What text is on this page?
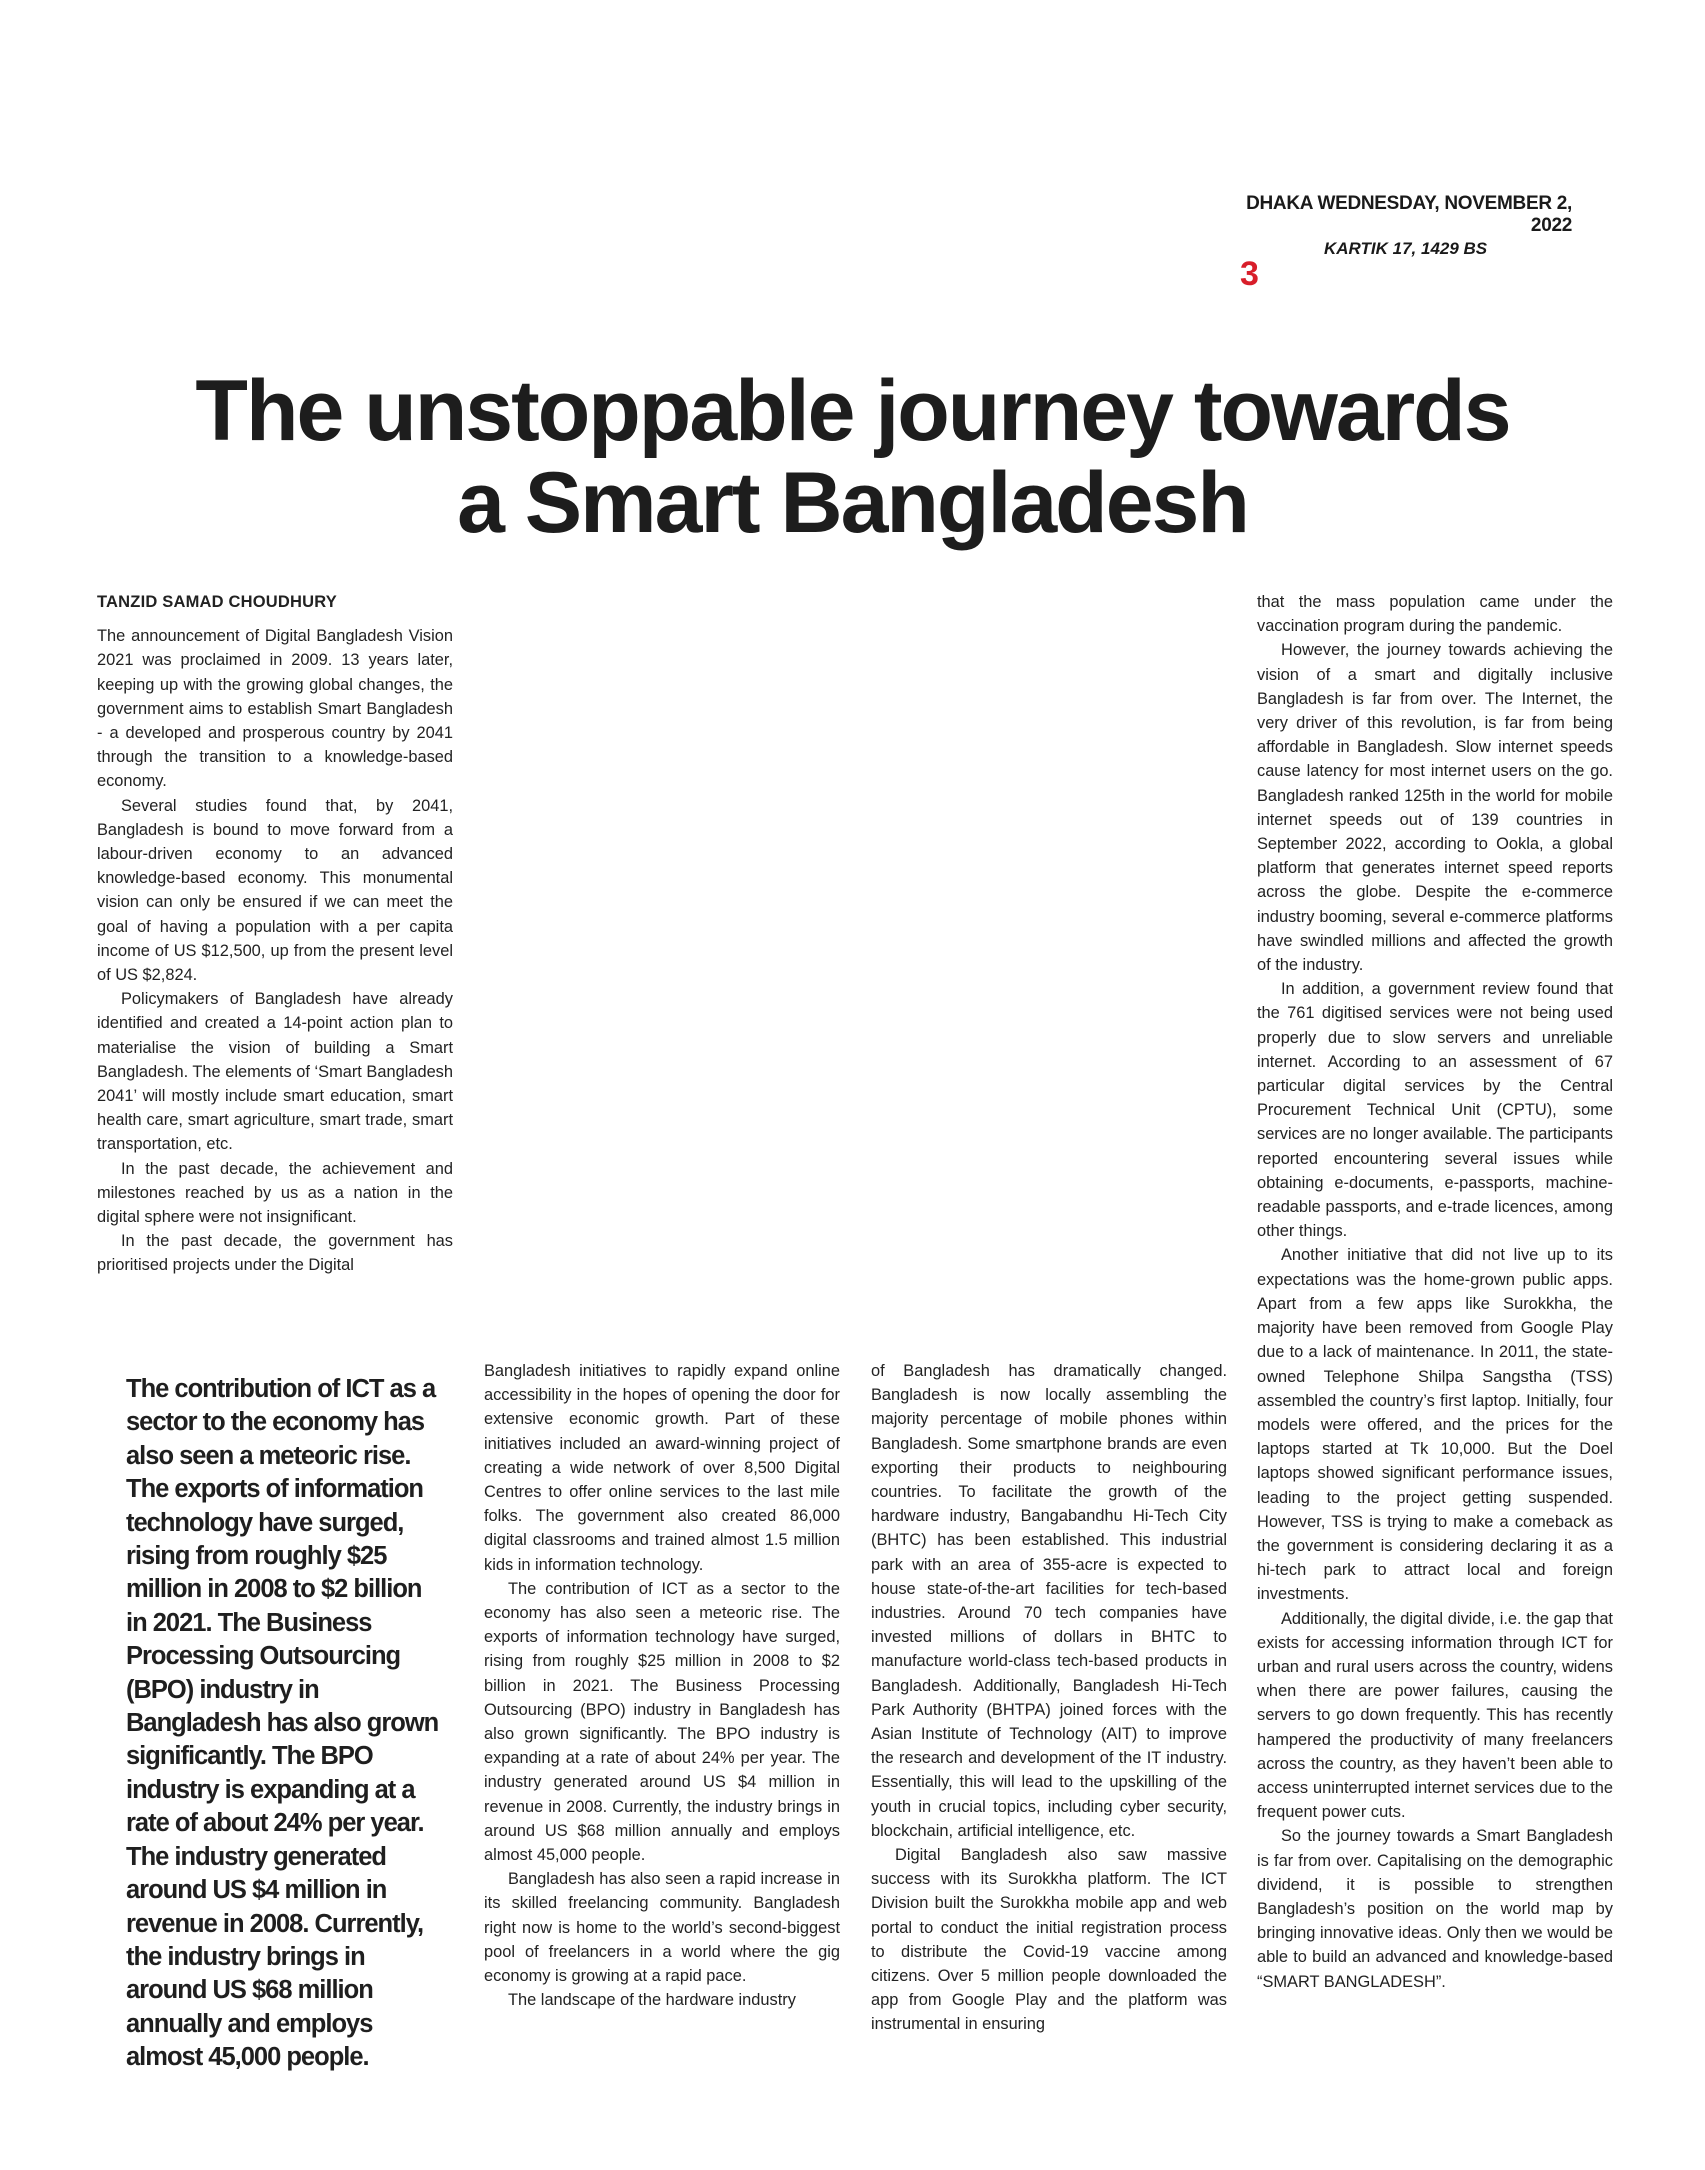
DHAKA WEDNESDAY, NOVEMBER 2, 2022
KARTIK 17, 1429 BS
3
The unstoppable journey towards
a Smart Bangladesh
TANZID SAMAD CHOUDHURY

The announcement of Digital Bangladesh Vision 2021 was proclaimed in 2009. 13 years later, keeping up with the growing global changes, the government aims to establish Smart Bangladesh - a developed and prosperous country by 2041 through the transition to a knowledge-based economy.

Several studies found that, by 2041, Bangladesh is bound to move forward from a labour-driven economy to an advanced knowledge-based economy. This monumental vision can only be ensured if we can meet the goal of having a population with a per capita income of US $12,500, up from the present level of US $2,824.

Policymakers of Bangladesh have already identified and created a 14-point action plan to materialise the vision of building a Smart Bangladesh. The elements of ‘Smart Bangladesh 2041’ will mostly include smart education, smart health care, smart agriculture, smart trade, smart transportation, etc.

In the past decade, the achievement and milestones reached by us as a nation in the digital sphere were not insignificant.

In the past decade, the government has prioritised projects under the Digital

The contribution of ICT as a sector to the economy has also seen a meteoric rise. The exports of information technology have surged, rising from roughly $25 million in 2008 to $2 billion in 2021. The Business Processing Outsourcing (BPO) industry in Bangladesh has also grown significantly. The BPO industry is expanding at a rate of about 24% per year. The industry generated around US $4 million in revenue in 2008. Currently, the industry brings in around US $68 million annually and employs almost 45,000 people.

Bangladesh initiatives to rapidly expand online accessibility in the hopes of opening the door for extensive economic growth. Part of these initiatives included an award-winning project of creating a wide network of over 8,500 Digital Centres to offer online services to the last mile folks. The government also created 86,000 digital classrooms and trained almost 1.5 million kids in information technology.

The contribution of ICT as a sector to the economy has also seen a meteoric rise. The exports of information technology have surged, rising from roughly $25 million in 2008 to $2 billion in 2021. The Business Processing Outsourcing (BPO) industry in Bangladesh has also grown significantly. The BPO industry is expanding at a rate of about 24% per year. The industry generated around US $4 million in revenue in 2008. Currently, the industry brings in around US $68 million annually and employs almost 45,000 people.

Bangladesh has also seen a rapid increase in its skilled freelancing community. Bangladesh right now is home to the world’s second-biggest pool of freelancers in a world where the gig economy is growing at a rapid pace.

The landscape of the hardware industry

of Bangladesh has dramatically changed. Bangladesh is now locally assembling the majority percentage of mobile phones within Bangladesh. Some smartphone brands are even exporting their products to neighbouring countries. To facilitate the growth of the hardware industry, Bangabandhu Hi-Tech City (BHTC) has been established. This industrial park with an area of 355-acre is expected to house state-of-the-art facilities for tech-based industries. Around 70 tech companies have invested millions of dollars in BHTC to manufacture world-class tech-based products in Bangladesh. Additionally, Bangladesh Hi-Tech Park Authority (BHTPA) joined forces with the Asian Institute of Technology (AIT) to improve the research and development of the IT industry. Essentially, this will lead to the upskilling of the youth in crucial topics, including cyber security, blockchain, artificial intelligence, etc.

Digital Bangladesh also saw massive success with its Surokkha platform. The ICT Division built the Surokkha mobile app and web portal to conduct the initial registration process to distribute the Covid-19 vaccine among citizens. Over 5 million people downloaded the app from Google Play and the platform was instrumental in ensuring

that the mass population came under the vaccination program during the pandemic.

However, the journey towards achieving the vision of a smart and digitally inclusive Bangladesh is far from over. The Internet, the very driver of this revolution, is far from being affordable in Bangladesh. Slow internet speeds cause latency for most internet users on the go. Bangladesh ranked 125th in the world for mobile internet speeds out of 139 countries in September 2022, according to Ookla, a global platform that generates internet speed reports across the globe. Despite the e-commerce industry booming, several e-commerce platforms have swindled millions and affected the growth of the industry.

In addition, a government review found that the 761 digitised services were not being used properly due to slow servers and unreliable internet. According to an assessment of 67 particular digital services by the Central Procurement Technical Unit (CPTU), some services are no longer available. The participants reported encountering several issues while obtaining e-documents, e-passports, machine-readable passports, and e-trade licences, among other things.

Another initiative that did not live up to its expectations was the home-grown public apps. Apart from a few apps like Surokkha, the majority have been removed from Google Play due to a lack of maintenance. In 2011, the state-owned Telephone Shilpa Sangstha (TSS) assembled the country’s first laptop. Initially, four models were offered, and the prices for the laptops started at Tk 10,000. But the Doel laptops showed significant performance issues, leading to the project getting suspended. However, TSS is trying to make a comeback as the government is considering declaring it as a hi-tech park to attract local and foreign investments.

Additionally, the digital divide, i.e. the gap that exists for accessing information through ICT for urban and rural users across the country, widens when there are power failures, causing the servers to go down frequently. This has recently hampered the productivity of many freelancers across the country, as they haven’t been able to access uninterrupted internet services due to the frequent power cuts.

So the journey towards a Smart Bangladesh is far from over. Capitalising on the demographic dividend, it is possible to strengthen Bangladesh’s position on the world map by bringing innovative ideas. Only then we would be able to build an advanced and knowledge-based “SMART BANGLADESH”.
